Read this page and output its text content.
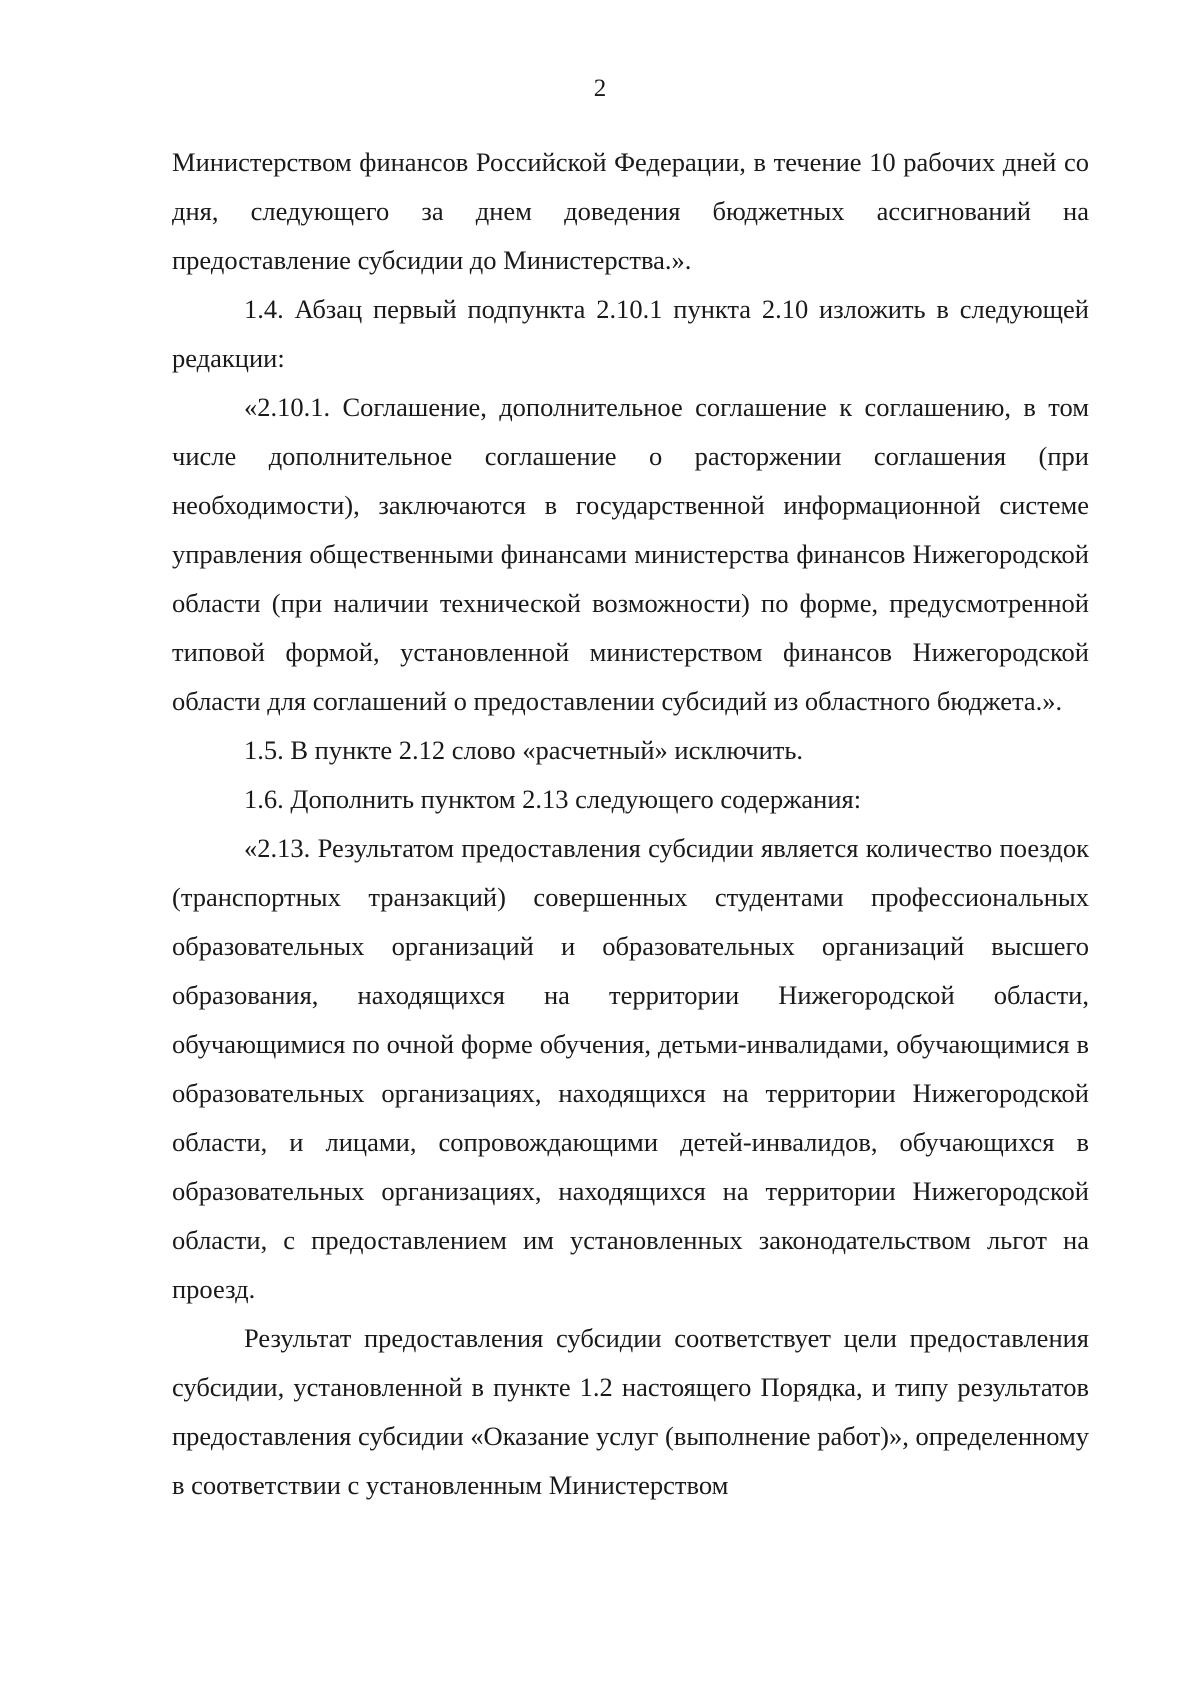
2

Министерством финансов Российской Федерации, в течение 10 рабочих дней со дня, следующего за днем доведения бюджетных ассигнований на предоставление субсидии до Министерства.».

1.4. Абзац первый подпункта 2.10.1 пункта 2.10 изложить в следующей редакции:

«2.10.1. Соглашение, дополнительное соглашение к соглашению, в том числе дополнительное соглашение о расторжении соглашения (при необходимости), заключаются в государственной информационной системе управления общественными финансами министерства финансов Нижегородской области (при наличии технической возможности) по форме, предусмотренной типовой формой, установленной министерством финансов Нижегородской области для соглашений о предоставлении субсидий из областного бюджета.».

1.5. В пункте 2.12 слово «расчетный» исключить.

1.6. Дополнить пунктом 2.13 следующего содержания:

«2.13. Результатом предоставления субсидии является количество поездок (транспортных транзакций) совершенных студентами профессиональных образовательных организаций и образовательных организаций высшего образования, находящихся на территории Нижегородской области, обучающимися по очной форме обучения, детьми-инвалидами, обучающимися в образовательных организациях, находящихся на территории Нижегородской области, и лицами, сопровождающими детей-инвалидов, обучающихся в образовательных организациях, находящихся на территории Нижегородской области, с предоставлением им установленных законодательством льгот на проезд.

Результат предоставления субсидии соответствует цели предоставления субсидии, установленной в пункте 1.2 настоящего Порядка, и типу результатов предоставления субсидии «Оказание услуг (выполнение работ)», определенному в соответствии с установленным Министерством
